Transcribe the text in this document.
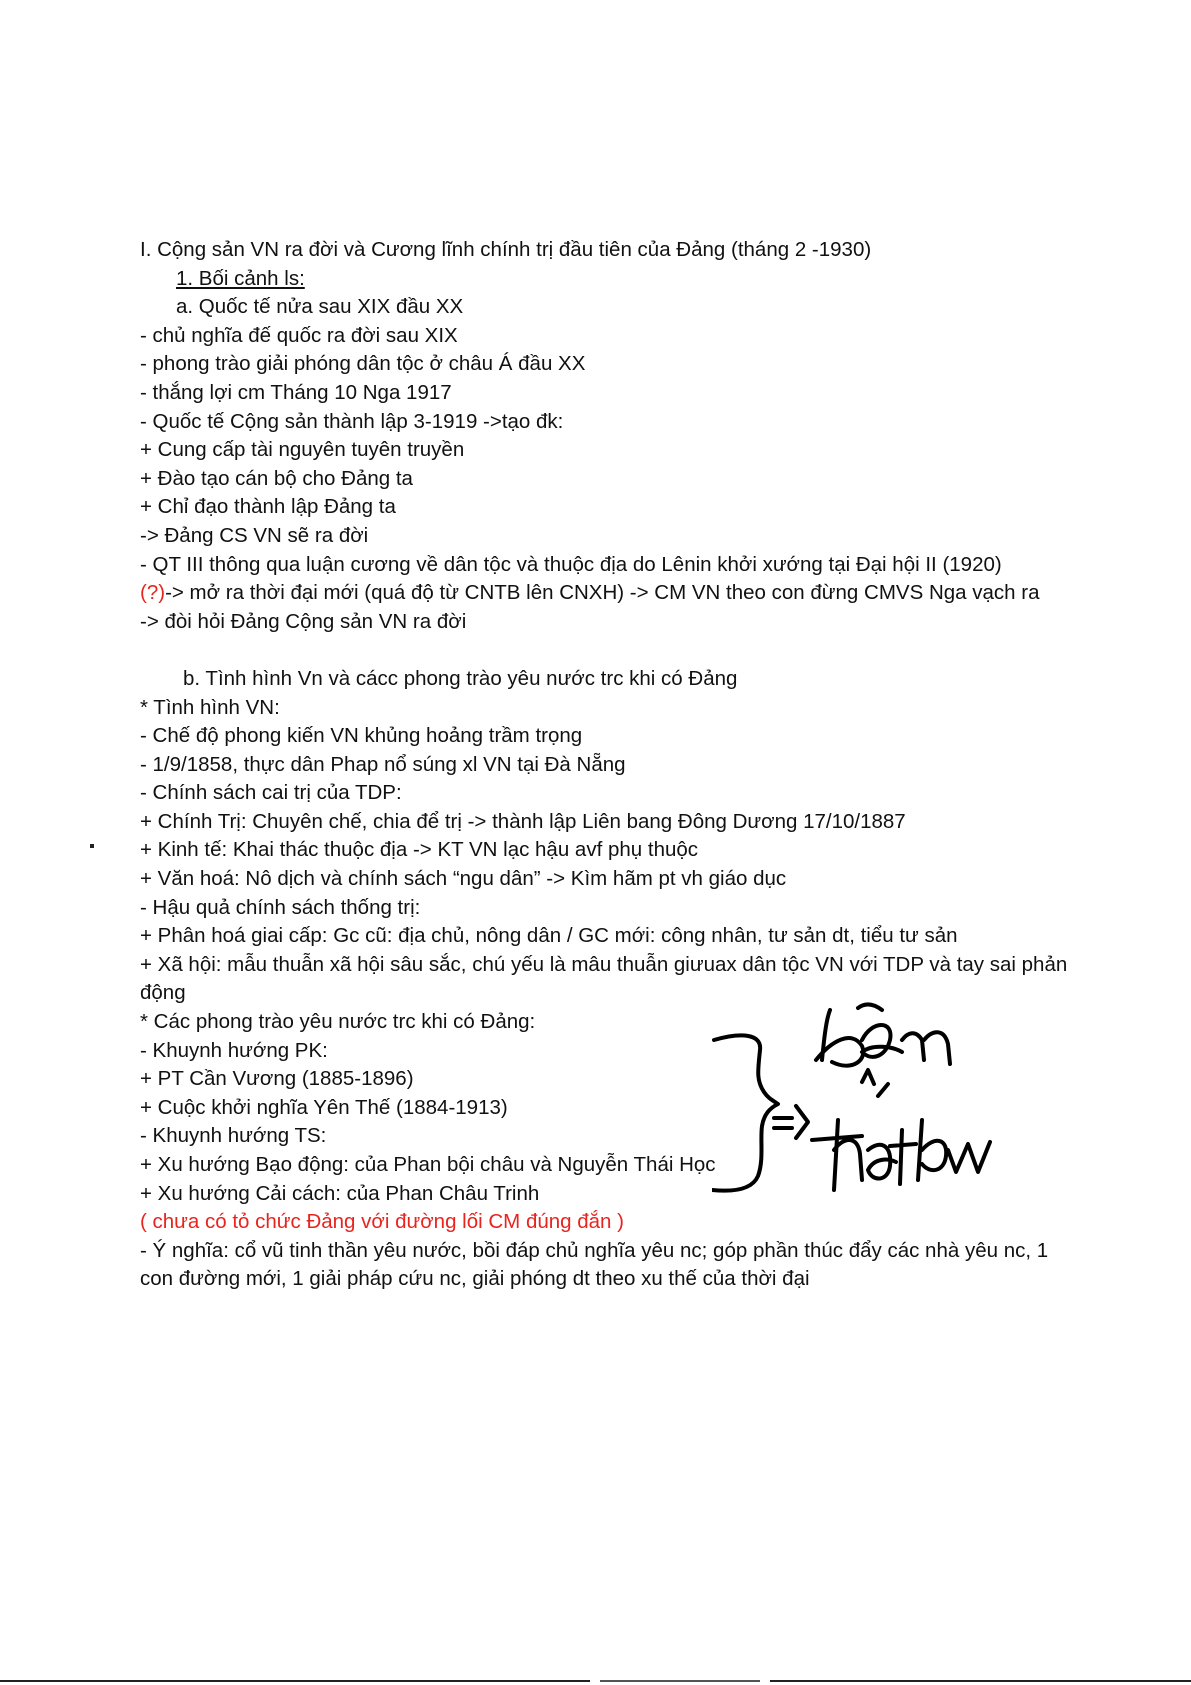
I. Cộng sản VN ra đời và Cương lĩnh chính trị đầu tiên của Đảng (tháng 2 -1930)
1. Bối cảnh ls:
a. Quốc tế nửa sau XIX đầu XX
- chủ nghĩa đế quốc ra đời sau XIX
- phong trào giải phóng dân tộc ở châu Á đầu XX
- thắng lợi cm Tháng 10 Nga 1917
- Quốc tế Cộng sản thành lập 3-1919 ->tạo đk:
+ Cung cấp tài nguyên tuyên truyền
+ Đào tạo cán bộ cho Đảng ta
+ Chỉ đạo thành lập Đảng ta
-> Đảng CS VN sẽ ra đời
- QT III thông qua luận cương về dân tộc và thuộc địa do Lênin khởi xướng tại Đại hội II (1920)
(?)-> mở ra thời đại mới (quá độ từ CNTB lên CNXH) -> CM VN theo con đừng CMVS Nga vạch ra
-> đòi hỏi Đảng Cộng sản VN ra đời
b. Tình hình Vn và cácc phong trào yêu nước trc khi có Đảng
* Tình hình VN:
- Chế độ phong kiến VN khủng hoảng trầm trọng
- 1/9/1858, thực dân Phap nổ súng xl VN tại Đà Nẵng
- Chính sách cai trị của TDP:
+ Chính Trị: Chuyên chế, chia để trị -> thành lập Liên bang Đông Dương 17/10/1887
+ Kinh tế: Khai thác thuộc địa -> KT VN lạc hậu avf phụ thuộc
+ Văn hoá: Nô dịch và chính sách “ngu dân” -> Kìm hãm pt vh giáo dục
- Hậu quả chính sách thống trị:
+ Phân hoá giai cấp: Gc cũ: địa chủ, nông dân / GC mới: công nhân, tư sản dt, tiểu tư sản
+ Xã hội: mẫu thuẫn xã hội sâu sắc, chú yếu là mâu thuẫn giưuax dân tộc VN với TDP và tay sai phản động
* Các phong trào yêu nước trc khi có Đảng:
- Khuynh hướng PK:
+ PT Cần Vương (1885-1896)
+ Cuộc khởi nghĩa Yên Thế (1884-1913)
- Khuynh hướng TS:
+ Xu hướng Bạo động: của Phan bội châu và Nguyễn Thái Học
+ Xu hướng Cải cách: của Phan Châu Trinh
( chưa có tỏ chức Đảng với đường lối CM đúng đắn )
- Ý nghĩa: cổ vũ tinh thần yêu nước, bồi đáp chủ nghĩa yêu nc; góp phần thúc đẩy các nhà yêu nc, 1 con đường mới, 1 giải pháp cứu nc, giải phóng dt theo xu thế của thời đại
